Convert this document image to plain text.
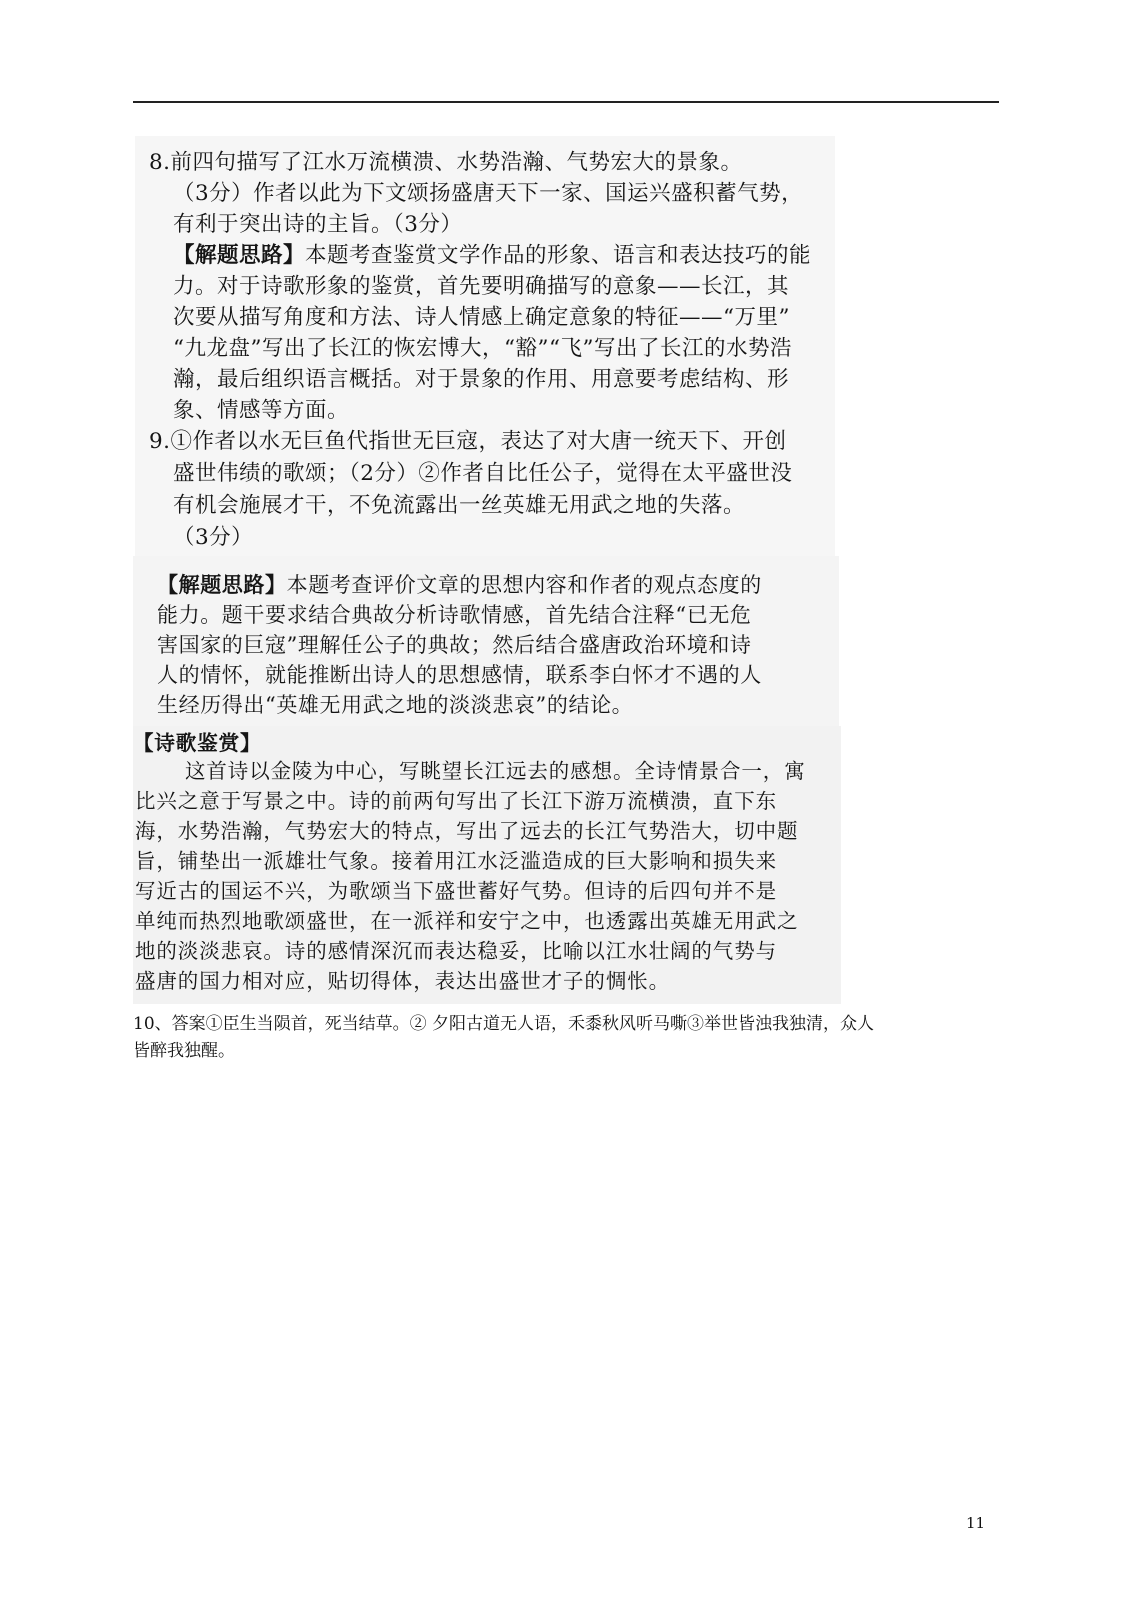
8.前四句描写了江水万流横溃、水势浩瀚、气势宏大的景象。

（3分）作者以此为下文颂扬盛唐天下一家、国运兴盛积蓄气势，

有利于突出诗的主旨。（3分）

【解题思路】本题考查鉴赏文学作品的形象、语言和表达技巧的能

力。对于诗歌形象的鉴赏，首先要明确描写的意象——长江，其

次要从描写角度和方法、诗人情感上确定意象的特征——“万里”

“九龙盘”写出了长江的恢宏博大，“豁”“飞”写出了长江的水势浩

瀚，最后组织语言概括。对于景象的作用、用意要考虑结构、形

象、情感等方面。

9.①作者以水无巨鱼代指世无巨寇，表达了对大唐一统天下、开创

盛世伟绩的歌颂；（2分）②作者自比任公子，觉得在太平盛世没

有机会施展才干，不免流露出一丝英雄无用武之地的失落。

（3分）

【解题思路】本题考查评价文章的思想内容和作者的观点态度的

能力。题干要求结合典故分析诗歌情感，首先结合注释“已无危

害国家的巨寇”理解任公子的典故；然后结合盛唐政治环境和诗

人的情怀，就能推断出诗人的思想感情，联系李白怀才不遇的人

生经历得出“英雄无用武之地的淡淡悲哀”的结论。

【诗歌鉴赏】

这首诗以金陵为中心，写眺望长江远去的感想。全诗情景合一，寓

比兴之意于写景之中。诗的前两句写出了长江下游万流横溃，直下东

海，水势浩瀚，气势宏大的特点，写出了远去的长江气势浩大，切中题

旨，铺垫出一派雄壮气象。接着用江水泛滥造成的巨大影响和损失来

写近古的国运不兴，为歌颂当下盛世蓄好气势。但诗的后四句并不是

单纯而热烈地歌颂盛世，在一派祥和安宁之中，也透露出英雄无用武之

地的淡淡悲哀。诗的感情深沉而表达稳妥，比喻以江水壮阔的气势与

盛唐的国力相对应，贴切得体，表达出盛世才子的惆怅。

10、答案①臣生当陨首，死当结草。② 夕阳古道无人语，禾黍秋风听马嘶③举世皆浊我独清，众人

皆醉我独醒。

11
